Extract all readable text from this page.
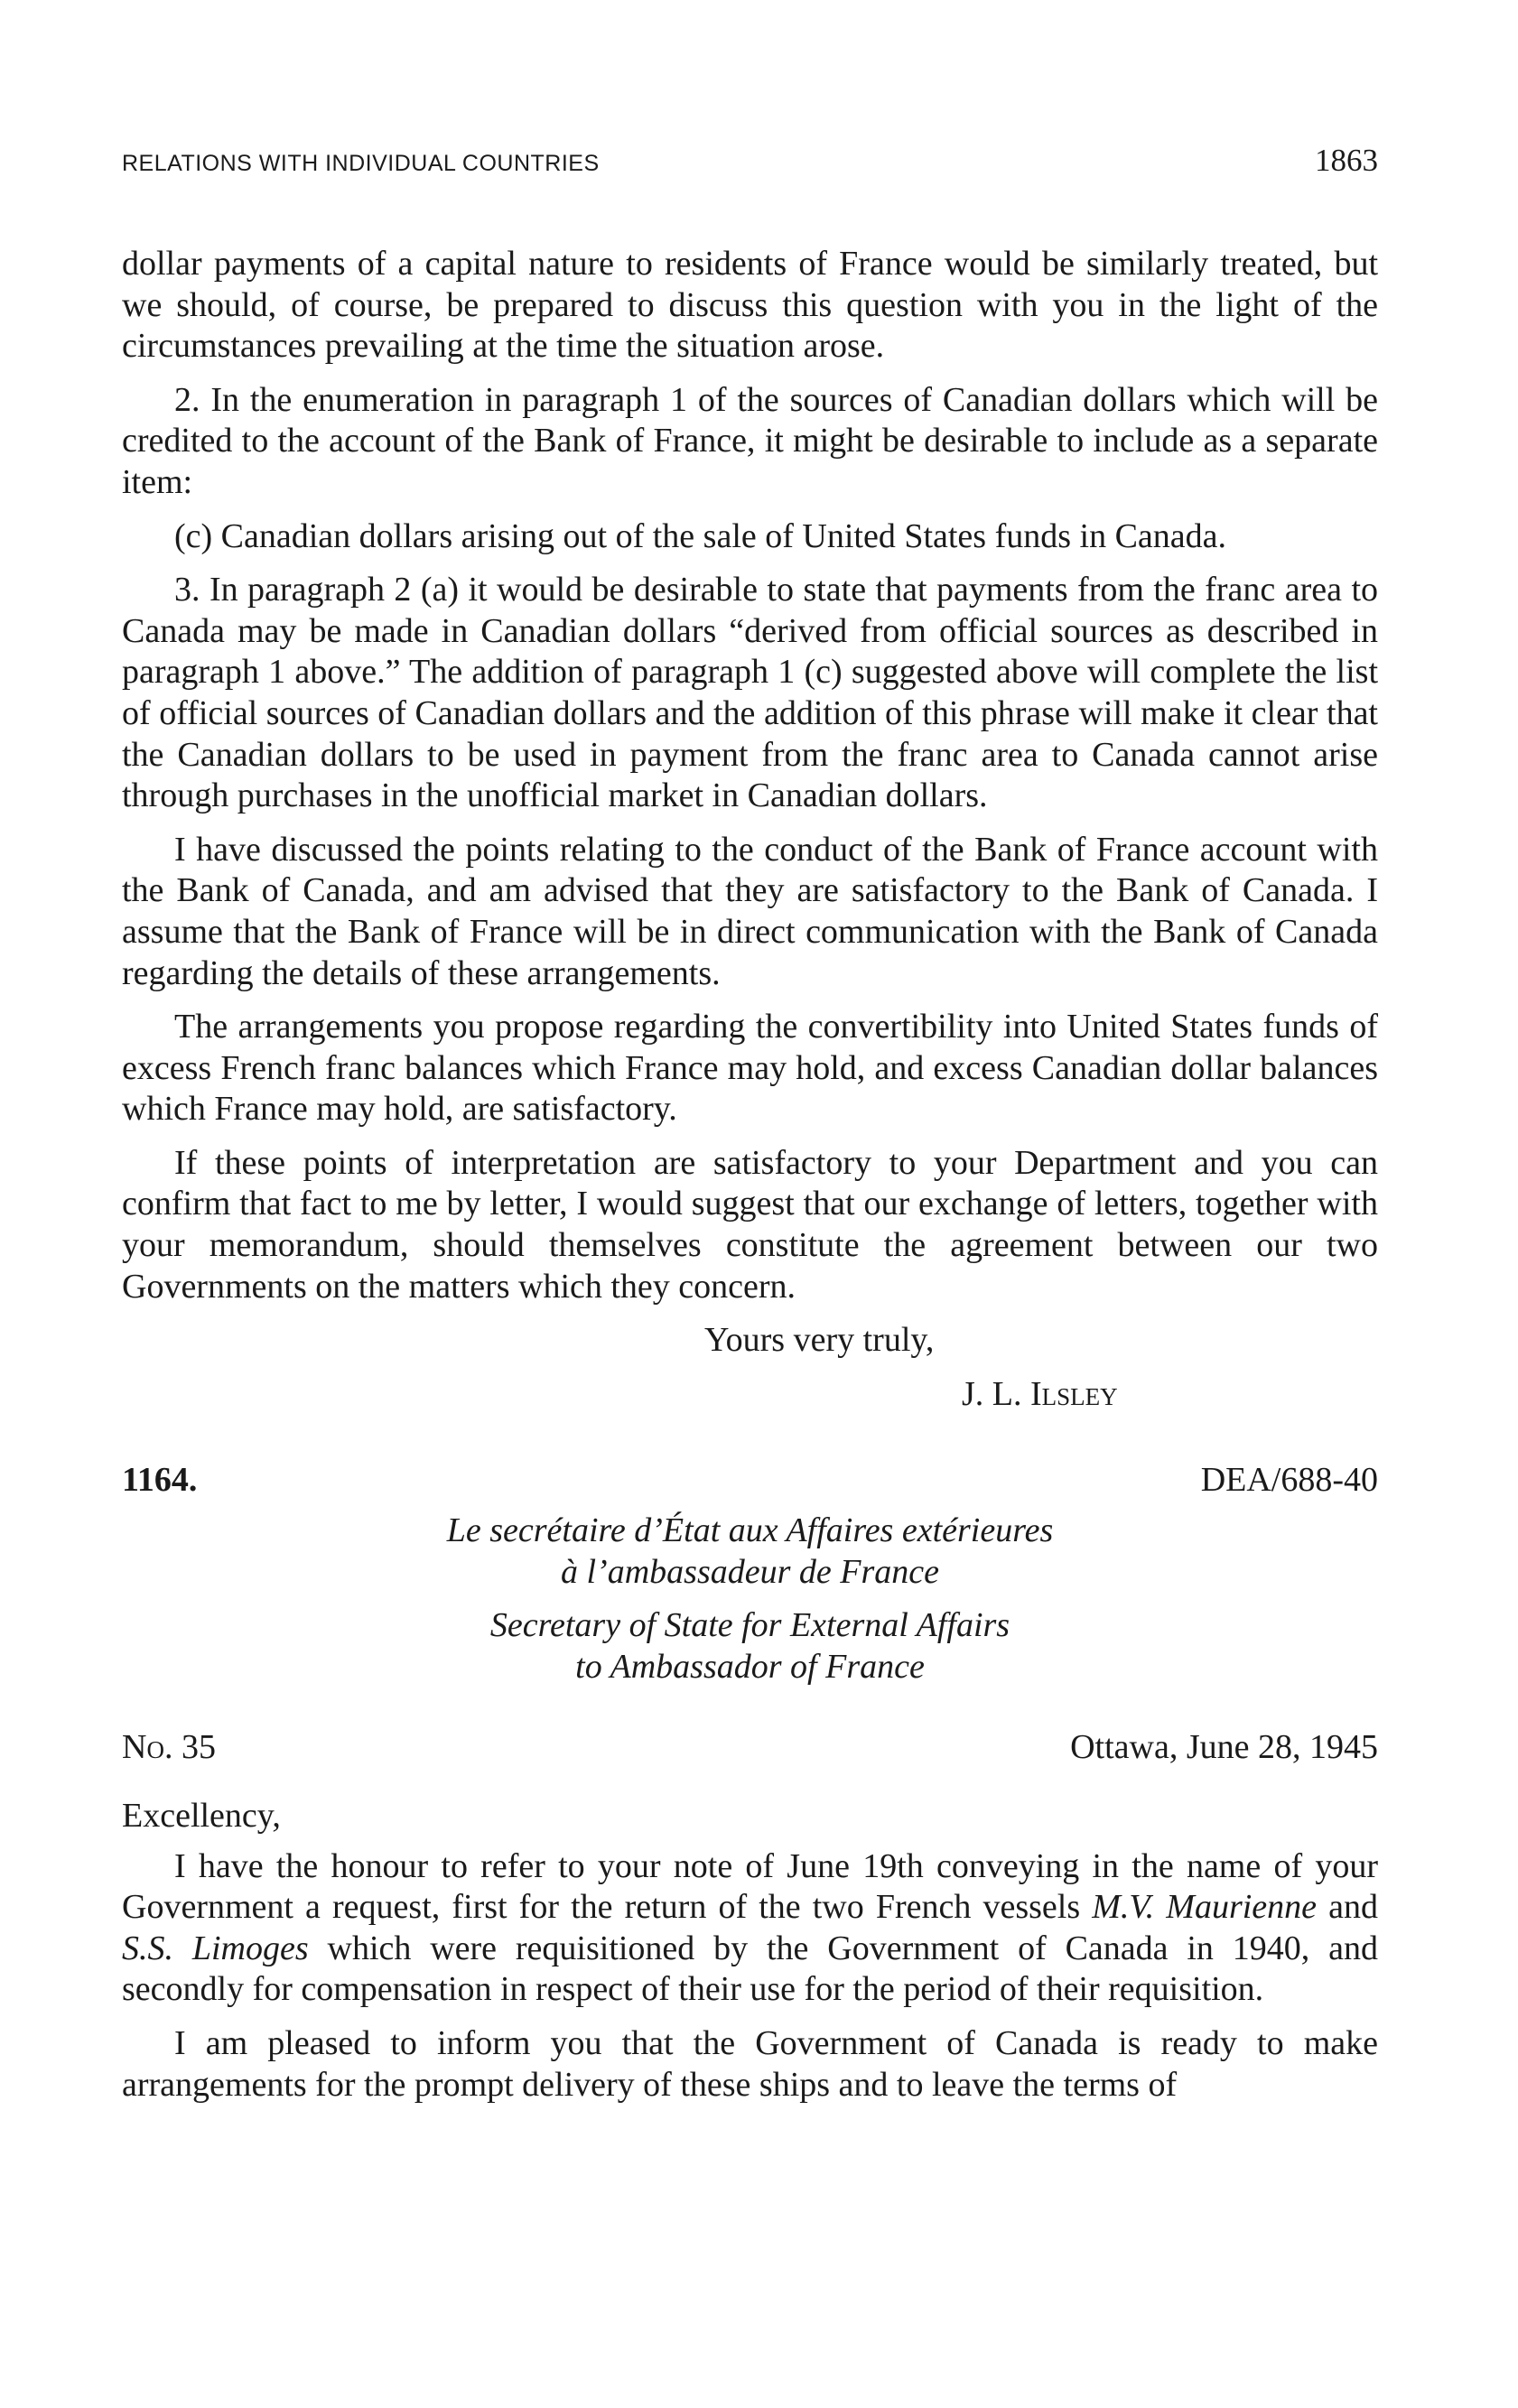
RELATIONS WITH INDIVIDUAL COUNTRIES	1863

dollar payments of a capital nature to residents of France would be similarly treated, but we should, of course, be prepared to discuss this question with you in the light of the circumstances prevailing at the time the situation arose.

2. In the enumeration in paragraph 1 of the sources of Canadian dollars which will be credited to the account of the Bank of France, it might be desirable to include as a separate item:

(c) Canadian dollars arising out of the sale of United States funds in Canada.

3. In paragraph 2 (a) it would be desirable to state that payments from the franc area to Canada may be made in Canadian dollars “derived from official sources as described in paragraph 1 above.” The addition of paragraph 1 (c) suggested above will complete the list of official sources of Canadian dollars and the addition of this phrase will make it clear that the Canadian dollars to be used in payment from the franc area to Canada cannot arise through purchases in the unofficial market in Canadian dollars.

I have discussed the points relating to the conduct of the Bank of France account with the Bank of Canada, and am advised that they are satisfactory to the Bank of Canada. I assume that the Bank of France will be in direct communication with the Bank of Canada regarding the details of these arrangements.

The arrangements you propose regarding the convertibility into United States funds of excess French franc balances which France may hold, and excess Canadian dollar balances which France may hold, are satisfactory.

If these points of interpretation are satisfactory to your Department and you can confirm that fact to me by letter, I would suggest that our exchange of letters, together with your memorandum, should themselves constitute the agreement between our two Governments on the matters which they concern.

Yours very truly,
J. L. Ilsley
1164.	DEA/688-40
Le secrétaire d’État aux Affaires extérieures
à l’ambassadeur de France
Secretary of State for External Affairs
to Ambassador of France
No. 35	Ottawa, June 28, 1945
Excellency,

I have the honour to refer to your note of June 19th conveying in the name of your Government a request, first for the return of the two French vessels M.V. Maurienne and S.S. Limoges which were requisitioned by the Government of Canada in 1940, and secondly for compensation in respect of their use for the period of their requisition.

I am pleased to inform you that the Government of Canada is ready to make arrangements for the prompt delivery of these ships and to leave the terms of
